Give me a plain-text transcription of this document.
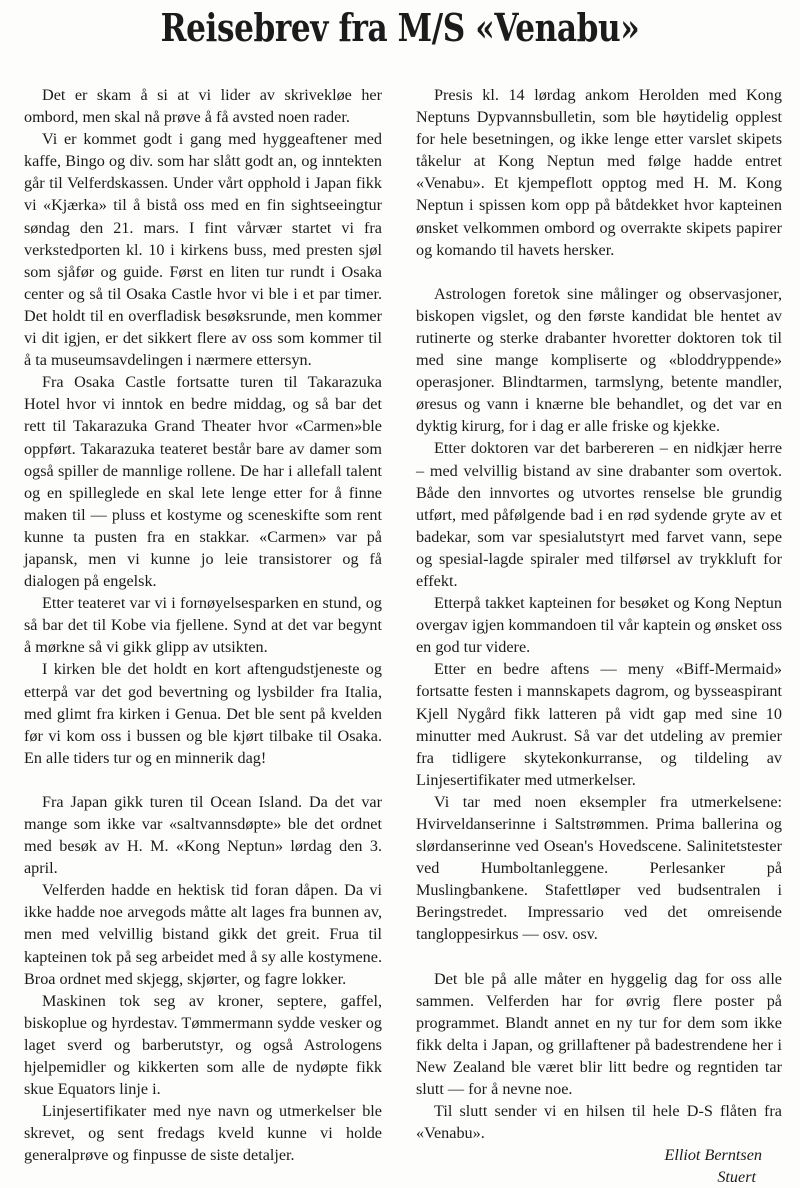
Reisebrev fra M/S «Venabu»

Det er skam å si at vi lider av skrivekløe her ombord, men skal nå prøve å få avsted noen rader.

Vi er kommet godt i gang med hyggeaftener med kaffe, Bingo og div. som har slått godt an, og inntekten går til Velferdskassen. Under vårt opphold i Japan fikk vi «Kjærka» til å bistå oss med en fin sightseeingtur søndag den 21. mars. I fint vårvær startet vi fra verkstedporten kl. 10 i kirkens buss, med presten sjøl som sjåfør og guide. Først en liten tur rundt i Osaka center og så til Osaka Castle hvor vi ble i et par timer. Det holdt til en overfladisk besøksrunde, men kommer vi dit igjen, er det sikkert flere av oss som kommer til å ta museumsavdelingen i nærmere ettersyn.

Fra Osaka Castle fortsatte turen til Takarazuka Hotel hvor vi inntok en bedre middag, og så bar det rett til Takarazuka Grand Theater hvor «Carmen»ble oppført. Takarazuka teateret består bare av damer som også spiller de mannlige rollene. De har i allefall talent og en spilleglede en skal lete lenge etter for å finne maken til — pluss et kostyme og sceneskifte som rent kunne ta pusten fra en stakkar. «Carmen» var på japansk, men vi kunne jo leie transistorer og få dialogen på engelsk.

Etter teateret var vi i fornøyelsesparken en stund, og så bar det til Kobe via fjellene. Synd at det var begynt å mørkne så vi gikk glipp av utsikten.

I kirken ble det holdt en kort aftengudstjeneste og etterpå var det god bevertning og lysbilder fra Italia, med glimt fra kirken i Genua. Det ble sent på kvelden før vi kom oss i bussen og ble kjørt tilbake til Osaka. En alle tiders tur og en minnerik dag!

Fra Japan gikk turen til Ocean Island. Da det var mange som ikke var «saltvannsdøpte» ble det ordnet med besøk av H. M. «Kong Neptun» lørdag den 3. april.

Velferden hadde en hektisk tid foran dåpen. Da vi ikke hadde noe arvegods måtte alt lages fra bunnen av, men med velvillig bistand gikk det greit. Frua til kapteinen tok på seg arbeidet med å sy alle kostymene. Broa ordnet med skjegg, skjørter, og fagre lokker.

Maskinen tok seg av kroner, septere, gaffel, biskoplue og hyrdestav. Tømmermann sydde vesker og laget sverd og barberutstyr, og også Astrologens hjelpemidler og kikkerten som alle de nydøpte fikk skue Equators linje i.

Linjesertifikater med nye navn og utmerkelser ble skrevet, og sent fredags kveld kunne vi holde generalprøve og finpusse de siste detaljer.

Presis kl. 14 lørdag ankom Herolden med Kong Neptuns Dypvannsbulletin, som ble høytidelig opplest for hele besetningen, og ikke lenge etter varslet skipets tåkelur at Kong Neptun med følge hadde entret «Venabu». Et kjempeflott opptog med H. M. Kong Neptun i spissen kom opp på båtdekket hvor kapteinen ønsket velkommen ombord og overrakte skipets papirer og komando til havets hersker.

Astrologen foretok sine målinger og observasjoner, biskopen vigslet, og den første kandidat ble hentet av rutinerte og sterke drabanter hvoretter doktoren tok til med sine mange kompliserte og «bloddryppende» operasjoner. Blindtarmen, tarmslyng, betente mandler, øresus og vann i knærne ble behandlet, og det var en dyktig kirurg, for i dag er alle friske og kjekke.

Etter doktoren var det barbereren – en nidkjær herre – med velvillig bistand av sine drabanter som overtok. Både den innvortes og utvortes renselse ble grundig utført, med påfølgende bad i en rød sydende gryte av et badekar, som var spesialutstyrt med farvet vann, sepe og spesial-lagde spiraler med tilførsel av trykkluft for effekt.

Etterpå takket kapteinen for besøket og Kong Neptun overgav igjen kommandoen til vår kaptein og ønsket oss en god tur videre.

Etter en bedre aftens — meny «Biff-Mermaid» fortsatte festen i mannskapets dagrom, og bysseaspirant Kjell Nygård fikk latteren på vidt gap med sine 10 minutter med Aukrust. Så var det utdeling av premier fra tidligere skytekonkurranse, og tildeling av Linjesertifikater med utmerkelser.

Vi tar med noen eksempler fra utmerkelsene: Hvirveldanserinne i Saltstrømmen. Prima ballerina og slørdanserinne ved Osean's Hovedscene. Salinitetstester ved Humboltanleggene. Perlesanker på Muslingbankene. Stafettløper ved budsentralen i Beringstredet. Impressario ved det omreisende tangloppesirkus — osv. osv.

Det ble på alle måter en hyggelig dag for oss alle sammen. Velferden har for øvrig flere poster på programmet. Blandt annet en ny tur for dem som ikke fikk delta i Japan, og grillaftener på badestrendene her i New Zealand ble været blir litt bedre og regntiden tar slutt — for å nevne noe.

Til slutt sender vi en hilsen til hele D-S flåten fra «Venabu».

Elliot Berntsen
Stuert
